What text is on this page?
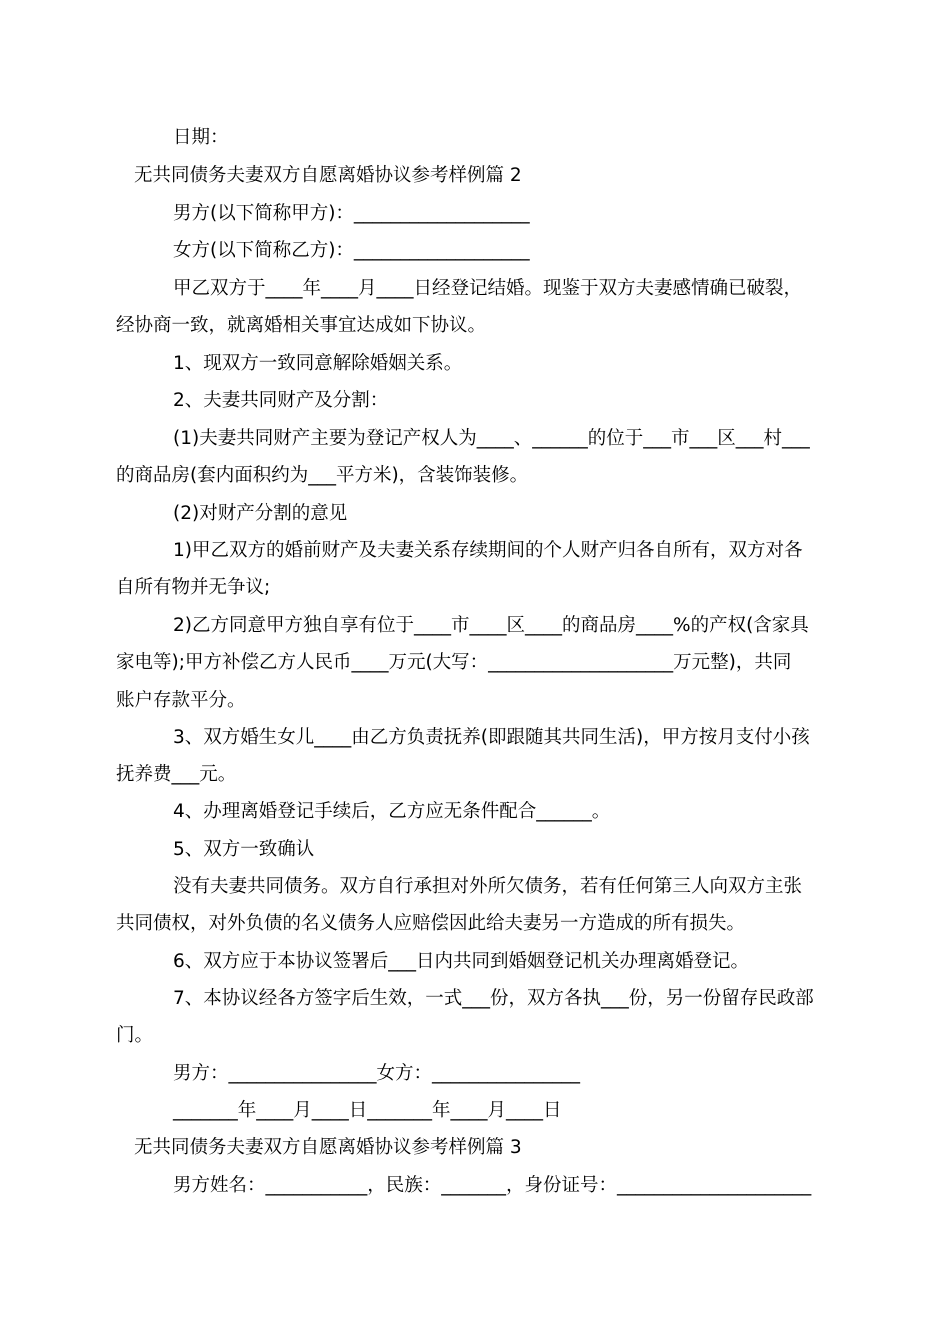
日期：
无共同债务夫妻双方自愿离婚协议参考样例篇 2
男方(以下简称甲方)：___________________
女方(以下简称乙方)：___________________
甲乙双方于____年____月____日经登记结婚。现鉴于双方夫妻感情确已破裂，
经协商一致，就离婚相关事宜达成如下协议。
1、现双方一致同意解除婚姻关系。
2、夫妻共同财产及分割：
(1)夫妻共同财产主要为登记产权人为____、______的位于___市___区___村___
的商品房(套内面积约为___平方米)，含装饰装修。
(2)对财产分割的意见
1)甲乙双方的婚前财产及夫妻关系存续期间的个人财产归各自所有，双方对各
自所有物并无争议;
2)乙方同意甲方独自享有位于____市____区____的商品房____%的产权(含家具
家电等);甲方补偿乙方人民币____万元(大写：____________________万元整)，共同
账户存款平分。
3、双方婚生女儿____由乙方负责抚养(即跟随其共同生活)，甲方按月支付小孩
抚养费___元。
4、办理离婚登记手续后，乙方应无条件配合______。
5、双方一致确认
没有夫妻共同债务。双方自行承担对外所欠债务，若有任何第三人向双方主张
共同债权，对外负债的名义债务人应赔偿因此给夫妻另一方造成的所有损失。
6、双方应于本协议签署后___日内共同到婚姻登记机关办理离婚登记。
7、本协议经各方签字后生效，一式___份，双方各执___份，另一份留存民政部
门。
男方：________________女方：________________
_______年____月____日_______年____月____日
无共同债务夫妻双方自愿离婚协议参考样例篇 3
男方姓名：___________，民族：_______，身份证号：_____________________
